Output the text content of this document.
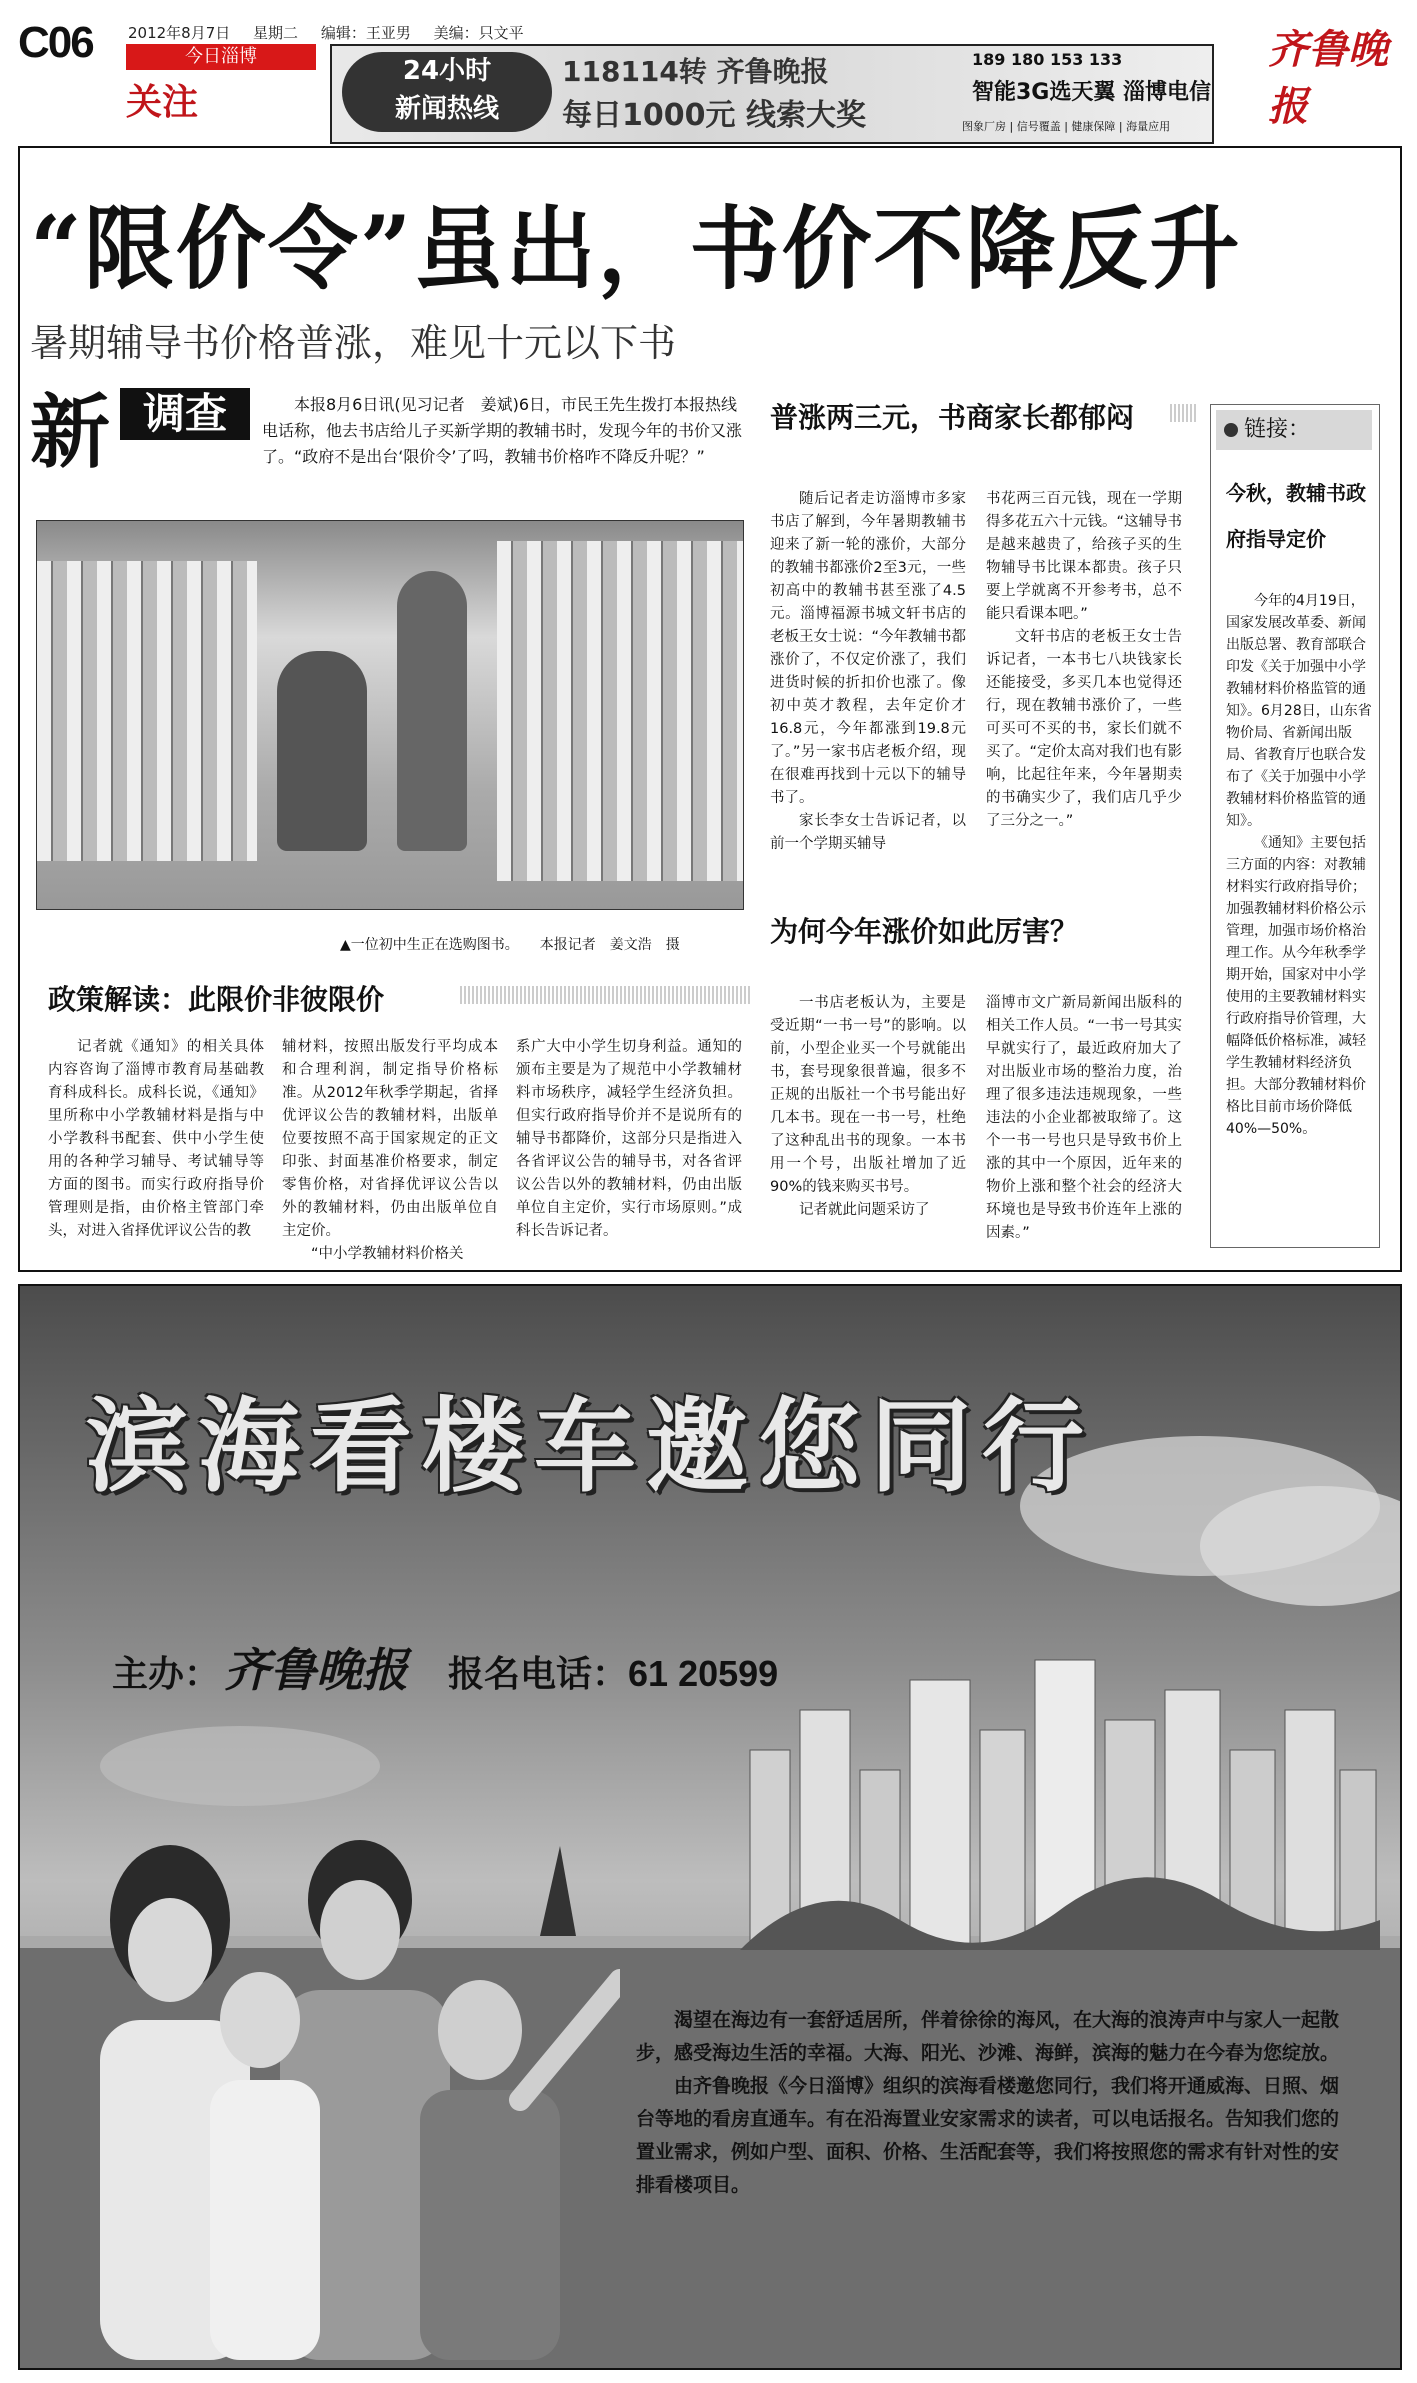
C06 2012年8月7日 星期二 编辑：王亚男 美编：只文平
今日淄博
关注
齐鲁晚报
24小时
新闻热线
118114转 齐鲁晚报
每日1000元 线索大奖
189 180 153 133
智能3G选天翼 淄博电信
图象厂房 | 信号覆盖 | 健康保障 | 海量应用
“限价令”虽出，书价不降反升
暑期辅导书价格普涨，难见十元以下书
新 调查	本报8月6日讯(见习记者　姜斌)6日，市民王先生拨打本报热线电话称，他去书店给儿子买新学期的教辅书时，发现今年的书价又涨了。“政府不是出台‘限价令’了吗，教辅书价格咋不降反升呢？”
▲一位初中生正在选购图书。　　本报记者　姜文浩　摄
普涨两三元，书商家长都郁闷

随后记者走访淄博市多家书店了解到，今年暑期教辅书迎来了新一轮的涨价，大部分的教辅书都涨价2至3元，一些初高中的教辅书甚至涨了4.5元。淄博福源书城文轩书店的老板王女士说：“今年教辅书都涨价了，不仅定价涨了，我们进货时候的折扣价也涨了。像初中英才教程，去年定价才16.8元，今年都涨到19.8元了。”另一家书店老板介绍，现在很难再找到十元以下的辅导书了。

家长李女士告诉记者，以前一个学期买辅导

书花两三百元钱，现在一学期得多花五六十元钱。“这辅导书是越来越贵了，给孩子买的生物辅导书比课本都贵。孩子只要上学就离不开参考书，总不能只看课本吧。”

文轩书店的老板王女士告诉记者，一本书七八块钱家长还能接受，多买几本也觉得还行，现在教辅书涨价了，一些可买可不买的书，家长们就不买了。“定价太高对我们也有影响，比起往年来，今年暑期卖的书确实少了，我们店几乎少了三分之一。”

为何今年涨价如此厉害？

一书店老板认为，主要是受近期“一书一号”的影响。以前，小型企业买一个号就能出书，套号现象很普遍，很多不正规的出版社一个书号能出好几本书。现在一书一号，杜绝了这种乱出书的现象。一本书用一个号，出版社增加了近90%的钱来购买书号。

记者就此问题采访了

淄博市文广新局新闻出版科的相关工作人员。“一书一号其实早就实行了，最近政府加大了对出版业市场的整治力度，治理了很多违法违规现象，一些违法的小企业都被取缔了。这个一书一号也只是导致书价上涨的其中一个原因，近年来的物价上涨和整个社会的经济大环境也是导致书价连年上涨的因素。”

政策解读：此限价非彼限价

记者就《通知》的相关具体内容咨询了淄博市教育局基础教育科成科长。成科长说，《通知》里所称中小学教辅材料是指与中小学教科书配套、供中小学生使用的各种学习辅导、考试辅导等方面的图书。而实行政府指导价管理则是指，由价格主管部门牵头，对进入省择优评议公告的教

辅材料，按照出版发行平均成本和合理利润，制定指导价格标准。从2012年秋季学期起，省择优评议公告的教辅材料，出版单位要按照不高于国家规定的正文印张、封面基准价格要求，制定零售价格，对省择优评议公告以外的教辅材料，仍由出版单位自主定价。

“中小学教辅材料价格关

系广大中小学生切身利益。通知的颁布主要是为了规范中小学教辅材料市场秩序，减轻学生经济负担。但实行政府指导价并不是说所有的辅导书都降价，这部分只是指进入各省评议公告的辅导书，对各省评议公告以外的教辅材料，仍由出版单位自主定价，实行市场原则。”成科长告诉记者。

链接：
今秋，教辅书政府指导定价

今年的4月19日，国家发展改革委、新闻出版总署、教育部联合印发《关于加强中小学教辅材料价格监管的通知》。6月28日，山东省物价局、省新闻出版局、省教育厅也联合发布了《关于加强中小学教辅材料价格监管的通知》。

《通知》主要包括三方面的内容：对教辅材料实行政府指导价；加强教辅材料价格公示管理，加强市场价格治理工作。从今年秋季学期开始，国家对中小学使用的主要教辅材料实行政府指导价管理，大幅降低价格标准，减轻学生教辅材料经济负担。大部分教辅材料价格比目前市场价降低40%—50%。

滨海看楼车邀您同行
主办：齐鲁晚报 报名电话：61 20599

渴望在海边有一套舒适居所，伴着徐徐的海风，在大海的浪涛声中与家人一起散步，感受海边生活的幸福。大海、阳光、沙滩、海鲜，滨海的魅力在今春为您绽放。

由齐鲁晚报《今日淄博》组织的滨海看楼邀您同行，我们将开通威海、日照、烟台等地的看房直通车。有在沿海置业安家需求的读者，可以电话报名。告知我们您的置业需求，例如户型、面积、价格、生活配套等，我们将按照您的需求有针对性的安排看楼项目。
